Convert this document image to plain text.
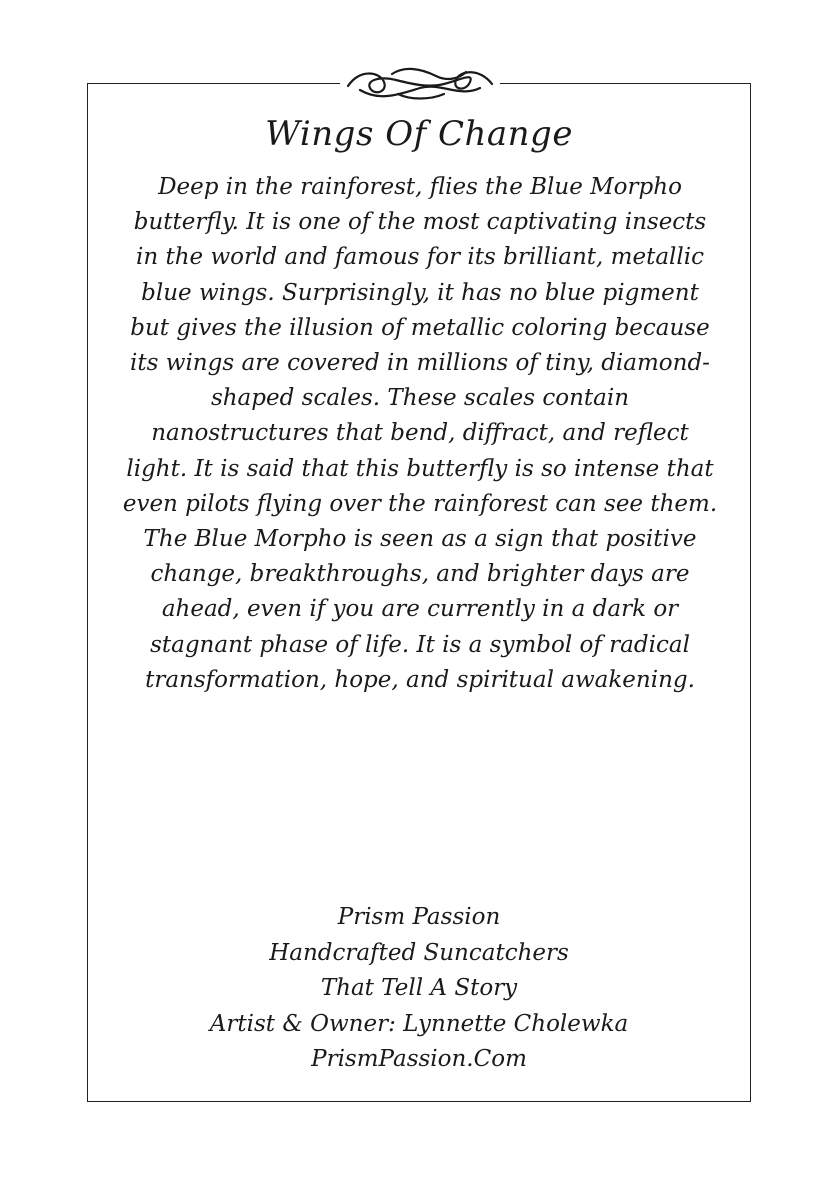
Wings Of Change

Deep in the rainforest, flies the Blue Morpho butterfly. It is one of the most captivating insects in the world and famous for its brilliant, metallic blue wings. Surprisingly, it has no blue pigment but gives the illusion of metallic coloring because its wings are covered in millions of tiny, diamond-shaped scales. These scales contain nanostructures that bend, diffract, and reflect light. It is said that this butterfly is so intense that even pilots flying over the rainforest can see them.

The Blue Morpho is seen as a sign that positive change, breakthroughs, and brighter days are ahead, even if you are currently in a dark or stagnant phase of life. It is a symbol of radical transformation, hope, and spiritual awakening.

Prism Passion
Handcrafted Suncatchers
That Tell A Story
Artist & Owner: Lynnette Cholewka
PrismPassion.Com
